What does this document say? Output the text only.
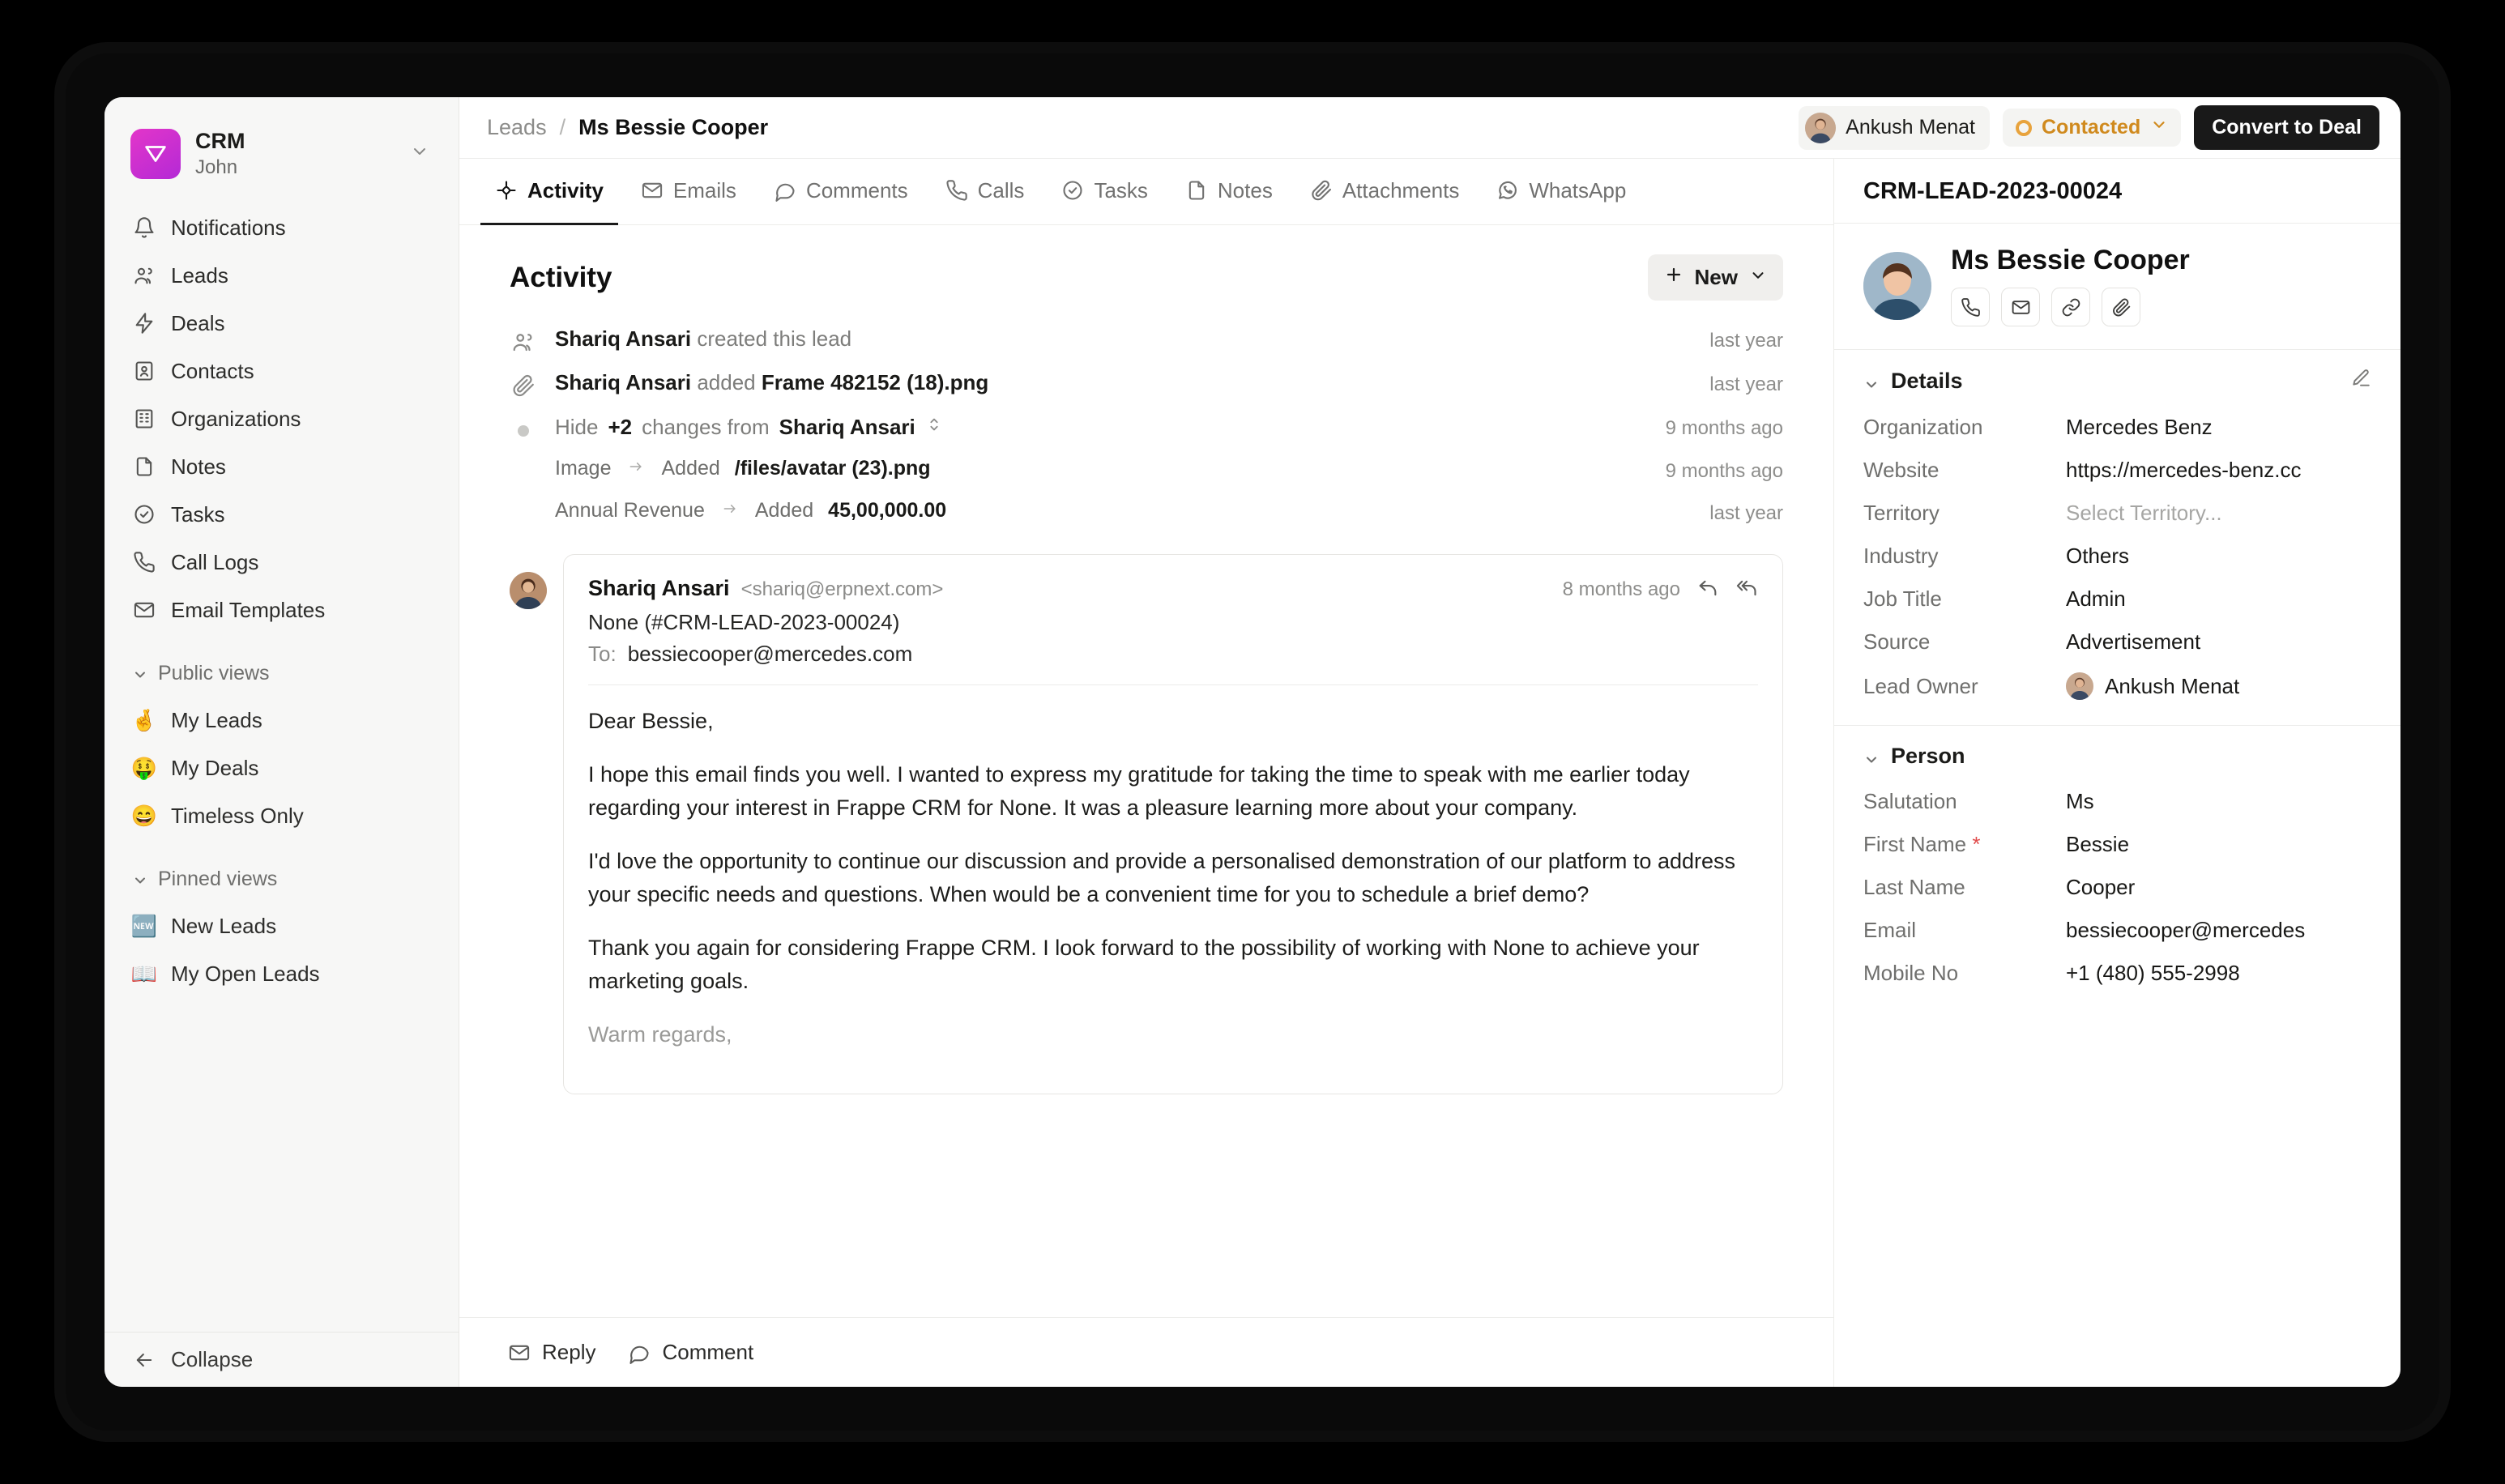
CRM
John
Notifications
Leads
Deals
Contacts
Organizations
Notes
Tasks
Call Logs
Email Templates
Public views
🤞 My Leads
🤑 My Deals
😄 Timeless Only
Pinned views
🆕 New Leads
📖 My Open Leads
Collapse
Leads / Ms Bessie Cooper	Ankush Menat	Contacted	Convert to Deal
Activity	Emails	Comments	Calls	Tasks	Notes	Attachments	WhatsApp
Activity	New
Shariq Ansari created this lead	last year
Shariq Ansari added Frame 482152 (18).png	last year
Hide +2 changes from Shariq Ansari	9 months ago
Image Added /files/avatar (23).png	9 months ago
Annual Revenue Added 45,00,000.00	last year
Shariq Ansari <shariq@erpnext.com>	8 months ago
None (#CRM-LEAD-2023-00024)
To: bessiecooper@mercedes.com
Dear Bessie,
I hope this email finds you well. I wanted to express my gratitude for taking the time to speak with me earlier today regarding your interest in Frappe CRM for None. It was a pleasure learning more about your company.
I'd love the opportunity to continue our discussion and provide a personalised demonstration of our platform to address your specific needs and questions. When would be a convenient time for you to schedule a brief demo?
Thank you again for considering Frappe CRM. I look forward to the possibility of working with None to achieve your marketing goals.
Warm regards,
Reply	Comment
CRM-LEAD-2023-00024
Ms Bessie Cooper
Details
Organization	Mercedes Benz
Website	https://mercedes-benz.cc
Territory	Select Territory...
Industry	Others
Job Title	Admin
Source	Advertisement
Lead Owner	Ankush Menat
Person
Salutation	Ms
First Name *	Bessie
Last Name	Cooper
Email	bessiecooper@mercedes
Mobile No	+1 (480) 555-2998
